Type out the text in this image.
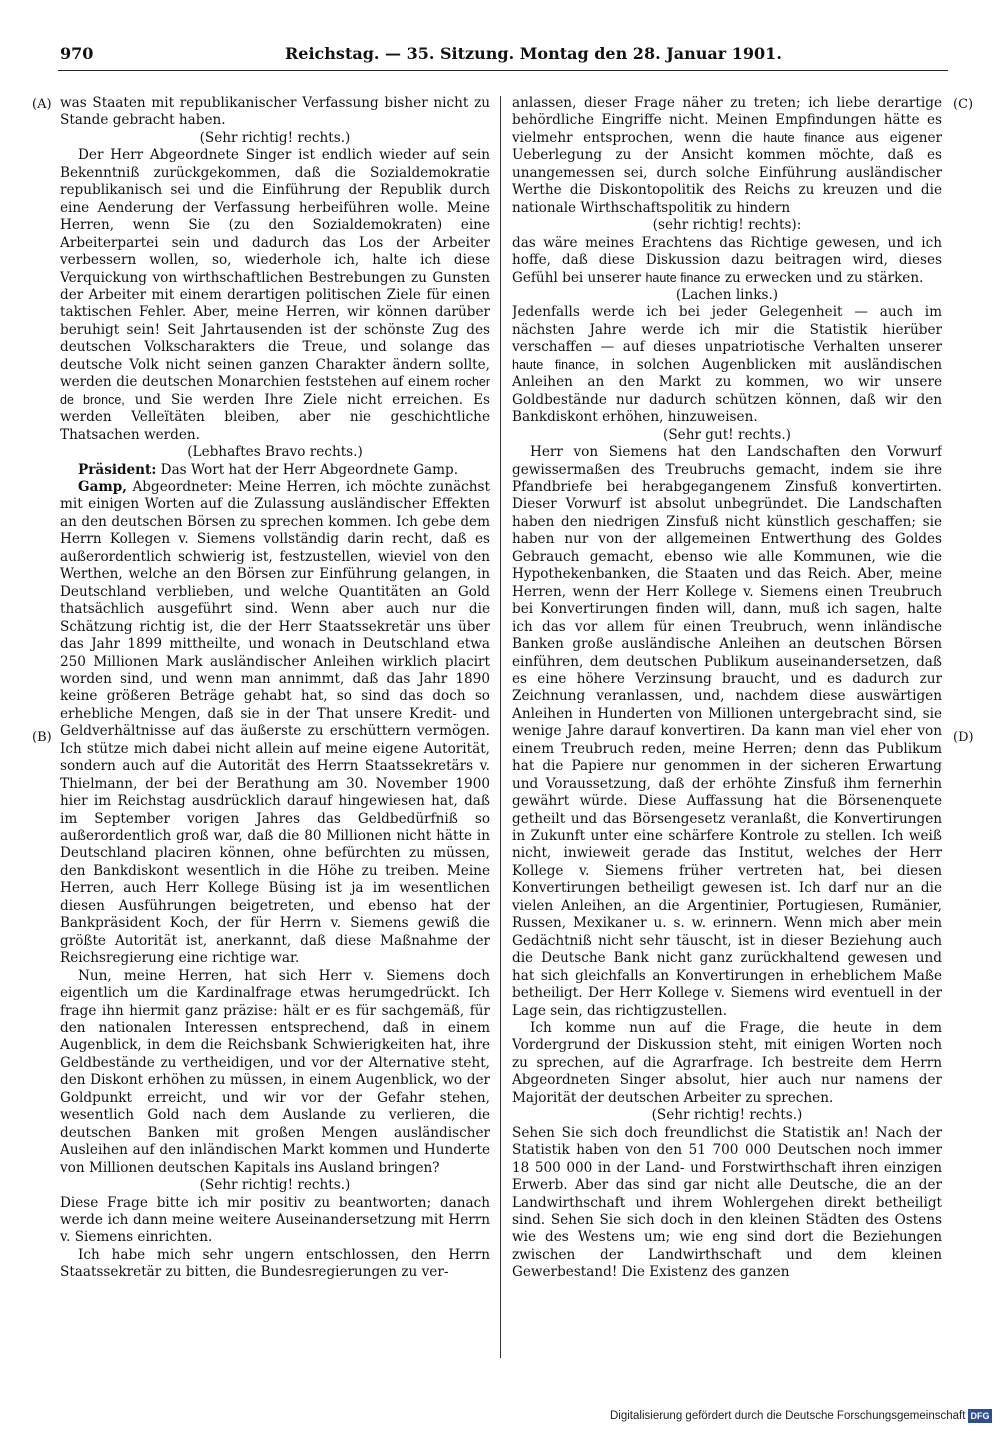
970	Reichstag. — 35. Sitzung. Montag den 28. Januar 1901.
(A)
(B)
(C)
(D)

was Staaten mit republikanischer Verfassung bisher nicht zu Stande gebracht haben.

(Sehr richtig! rechts.)

Der Herr Abgeordnete Singer ist endlich wieder auf sein Bekenntniß zurückgekommen, daß die Sozialdemokratie republikanisch sei und die Einführung der Republik durch eine Aenderung der Verfassung herbeiführen wolle. Meine Herren, wenn Sie (zu den Sozialdemokraten) eine Arbeiterpartei sein und dadurch das Los der Arbeiter verbessern wollen, so, wiederhole ich, halte ich diese Verquickung von wirthschaftlichen Bestrebungen zu Gunsten der Arbeiter mit einem derartigen politischen Ziele für einen taktischen Fehler. Aber, meine Herren, wir können darüber beruhigt sein! Seit Jahrtausenden ist der schönste Zug des deutschen Volkscharakters die Treue, und solange das deutsche Volk nicht seinen ganzen Charakter ändern sollte, werden die deutschen Monarchien feststehen auf einem rocher de bronce, und Sie werden Ihre Ziele nicht erreichen. Es werden Velleïtäten bleiben, aber nie geschichtliche Thatsachen werden.

(Lebhaftes Bravo rechts.)

Präsident: Das Wort hat der Herr Abgeordnete Gamp.

Gamp, Abgeordneter: Meine Herren, ich möchte zunächst mit einigen Worten auf die Zulassung ausländischer Effekten an den deutschen Börsen zu sprechen kommen. Ich gebe dem Herrn Kollegen v. Siemens vollständig darin recht, daß es außerordentlich schwierig ist, festzustellen, wieviel von den Werthen, welche an den Börsen zur Einführung gelangen, in Deutschland verblieben, und welche Quantitäten an Gold thatsächlich ausgeführt sind. Wenn aber auch nur die Schätzung richtig ist, die der Herr Staatssekretär uns über das Jahr 1899 mittheilte, und wonach in Deutschland etwa 250 Millionen Mark ausländischer Anleihen wirklich placirt worden sind, und wenn man annimmt, daß das Jahr 1890 keine größeren Beträge gehabt hat, so sind das doch so erhebliche Mengen, daß sie in der That unsere Kredit- und Geldverhältnisse auf das äußerste zu erschüttern vermögen. Ich stütze mich dabei nicht allein auf meine eigene Autorität, sondern auch auf die Autorität des Herrn Staatssekretärs v. Thielmann, der bei der Berathung am 30. November 1900 hier im Reichstag ausdrücklich darauf hingewiesen hat, daß im September vorigen Jahres das Geldbedürfniß so außerordentlich groß war, daß die 80 Millionen nicht hätte in Deutschland placiren können, ohne befürchten zu müssen, den Bankdiskont wesentlich in die Höhe zu treiben. Meine Herren, auch Herr Kollege Büsing ist ja im wesentlichen diesen Ausführungen beigetreten, und ebenso hat der Bankpräsident Koch, der für Herrn v. Siemens gewiß die größte Autorität ist, anerkannt, daß diese Maßnahme der Reichsregierung eine richtige war.

Nun, meine Herren, hat sich Herr v. Siemens doch eigentlich um die Kardinalfrage etwas herumgedrückt. Ich frage ihn hiermit ganz präzise: hält er es für sachgemäß, für den nationalen Interessen entsprechend, daß in einem Augenblick, in dem die Reichsbank Schwierigkeiten hat, ihre Geldbestände zu vertheidigen, und vor der Alternative steht, den Diskont erhöhen zu müssen, in einem Augenblick, wo der Goldpunkt erreicht, und wir vor der Gefahr stehen, wesentlich Gold nach dem Auslande zu verlieren, die deutschen Banken mit großen Mengen ausländischer Ausleihen auf den inländischen Markt kommen und Hunderte von Millionen deutschen Kapitals ins Ausland bringen?

(Sehr richtig! rechts.)

Diese Frage bitte ich mir positiv zu beantworten; danach werde ich dann meine weitere Auseinandersetzung mit Herrn v. Siemens einrichten.

Ich habe mich sehr ungern entschlossen, den Herrn Staatssekretär zu bitten, die Bundesregierungen zu ver-

anlassen, dieser Frage näher zu treten; ich liebe derartige behördliche Eingriffe nicht. Meinen Empfindungen hätte es vielmehr entsprochen, wenn die haute finance aus eigener Ueberlegung zu der Ansicht kommen möchte, daß es unangemessen sei, durch solche Einführung ausländischer Werthe die Diskontopolitik des Reichs zu kreuzen und die nationale Wirthschaftspolitik zu hindern

(sehr richtig! rechts):

das wäre meines Erachtens das Richtige gewesen, und ich hoffe, daß diese Diskussion dazu beitragen wird, dieses Gefühl bei unserer haute finance zu erwecken und zu stärken.

(Lachen links.)

Jedenfalls werde ich bei jeder Gelegenheit — auch im nächsten Jahre werde ich mir die Statistik hierüber verschaffen — auf dieses unpatriotische Verhalten unserer haute finance, in solchen Augenblicken mit ausländischen Anleihen an den Markt zu kommen, wo wir unsere Goldbestände nur dadurch schützen können, daß wir den Bankdiskont erhöhen, hinzuweisen.

(Sehr gut! rechts.)

Herr von Siemens hat den Landschaften den Vorwurf gewissermaßen des Treubruchs gemacht, indem sie ihre Pfandbriefe bei herabgegangenem Zinsfuß konvertirten. Dieser Vorwurf ist absolut unbegründet. Die Landschaften haben den niedrigen Zinsfuß nicht künstlich geschaffen; sie haben nur von der allgemeinen Entwerthung des Goldes Gebrauch gemacht, ebenso wie alle Kommunen, wie die Hypothekenbanken, die Staaten und das Reich. Aber, meine Herren, wenn der Herr Kollege v. Siemens einen Treubruch bei Konvertirungen finden will, dann, muß ich sagen, halte ich das vor allem für einen Treubruch, wenn inländische Banken große ausländische Anleihen an deutschen Börsen einführen, dem deutschen Publikum auseinandersetzen, daß es eine höhere Verzinsung braucht, und es dadurch zur Zeichnung veranlassen, und, nachdem diese auswärtigen Anleihen in Hunderten von Millionen untergebracht sind, sie wenige Jahre darauf konvertiren. Da kann man viel eher von einem Treubruch reden, meine Herren; denn das Publikum hat die Papiere nur genommen in der sicheren Erwartung und Voraussetzung, daß der erhöhte Zinsfuß ihm fernerhin gewährt würde. Diese Auffassung hat die Börsenenquete getheilt und das Börsengesetz veranlaßt, die Konvertirungen in Zukunft unter eine schärfere Kontrole zu stellen. Ich weiß nicht, inwieweit gerade das Institut, welches der Herr Kollege v. Siemens früher vertreten hat, bei diesen Konvertirungen betheiligt gewesen ist. Ich darf nur an die vielen Anleihen, an die Argentinier, Portugiesen, Rumänier, Russen, Mexikaner u. s. w. erinnern. Wenn mich aber mein Gedächtniß nicht sehr täuscht, ist in dieser Beziehung auch die Deutsche Bank nicht ganz zurückhaltend gewesen und hat sich gleichfalls an Konvertirungen in erheblichem Maße betheiligt. Der Herr Kollege v. Siemens wird eventuell in der Lage sein, das richtigzustellen.

Ich komme nun auf die Frage, die heute in dem Vordergrund der Diskussion steht, mit einigen Worten noch zu sprechen, auf die Agrarfrage. Ich bestreite dem Herrn Abgeordneten Singer absolut, hier auch nur namens der Majorität der deutschen Arbeiter zu sprechen.

(Sehr richtig! rechts.)

Sehen Sie sich doch freundlichst die Statistik an! Nach der Statistik haben von den 51 700 000 Deutschen noch immer 18 500 000 in der Land- und Forstwirthschaft ihren einzigen Erwerb. Aber das sind gar nicht alle Deutsche, die an der Landwirthschaft und ihrem Wohlergehen direkt betheiligt sind. Sehen Sie sich doch in den kleinen Städten des Ostens wie des Westens um; wie eng sind dort die Beziehungen zwischen der Landwirthschaft und dem kleinen Gewerbestand! Die Existenz des ganzen

Digitalisierung gefördert durch die Deutsche Forschungsgemeinschaft DFG
